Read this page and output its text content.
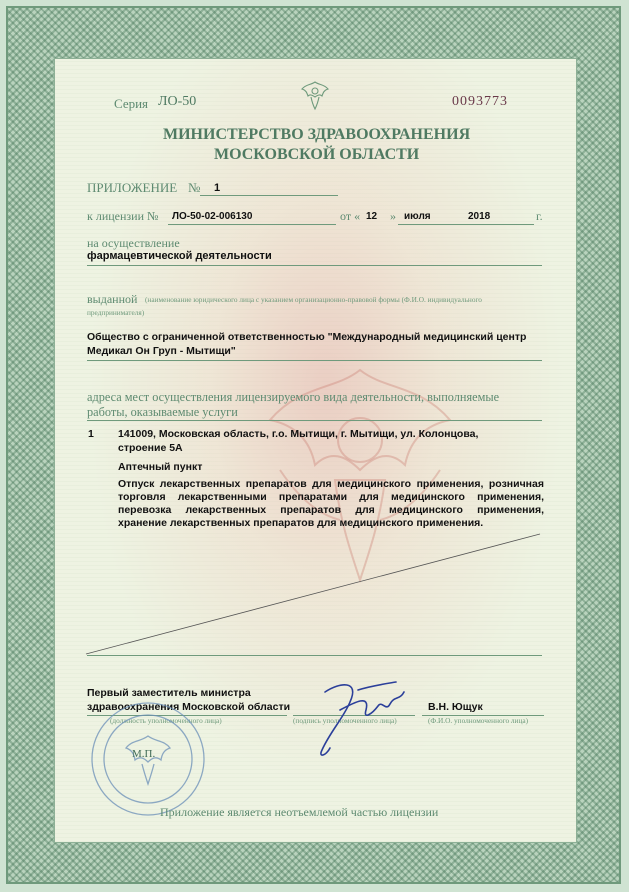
Серия ЛО-50	0093773
МИНИСТЕРСТВО ЗДРАВООХРАНЕНИЯ
МОСКОВСКОЙ ОБЛАСТИ
ПРИЛОЖЕНИЕ № 1
к лицензии № ЛО-50-02-006130	от « 12 » июля	2018	г.
на осуществление
фармацевтической деятельности
выданной (наименование юридического лица с указанием организационно-правовой формы (Ф.И.О. индивидуального
предпринимателя)
Общество с ограниченной ответственностью "Международный медицинский центр
Медикал Он Груп - Мытищи"
адреса мест осуществления лицензируемого вида деятельности, выполняемые
работы, оказываемые услуги
1 141009, Московская область, г.о. Мытищи, г. Мытищи, ул. Колонцова,
строение 5А
Аптечный пункт
Отпуск лекарственных препаратов для медицинского применения, розничная
торговля лекарственными препаратами для медицинского применения,
перевозка лекарственных препаратов для медицинского применения,
хранение лекарственных препаратов для медицинского применения.
Первый заместитель министра
здравоохранения Московской области
(должность уполномоченного лица)	(подпись уполномоченного лица)
В.Н. Ющук
(Ф.И.О. уполномоченного лица)
М.П.
Приложение является неотъемлемой частью лицензии
